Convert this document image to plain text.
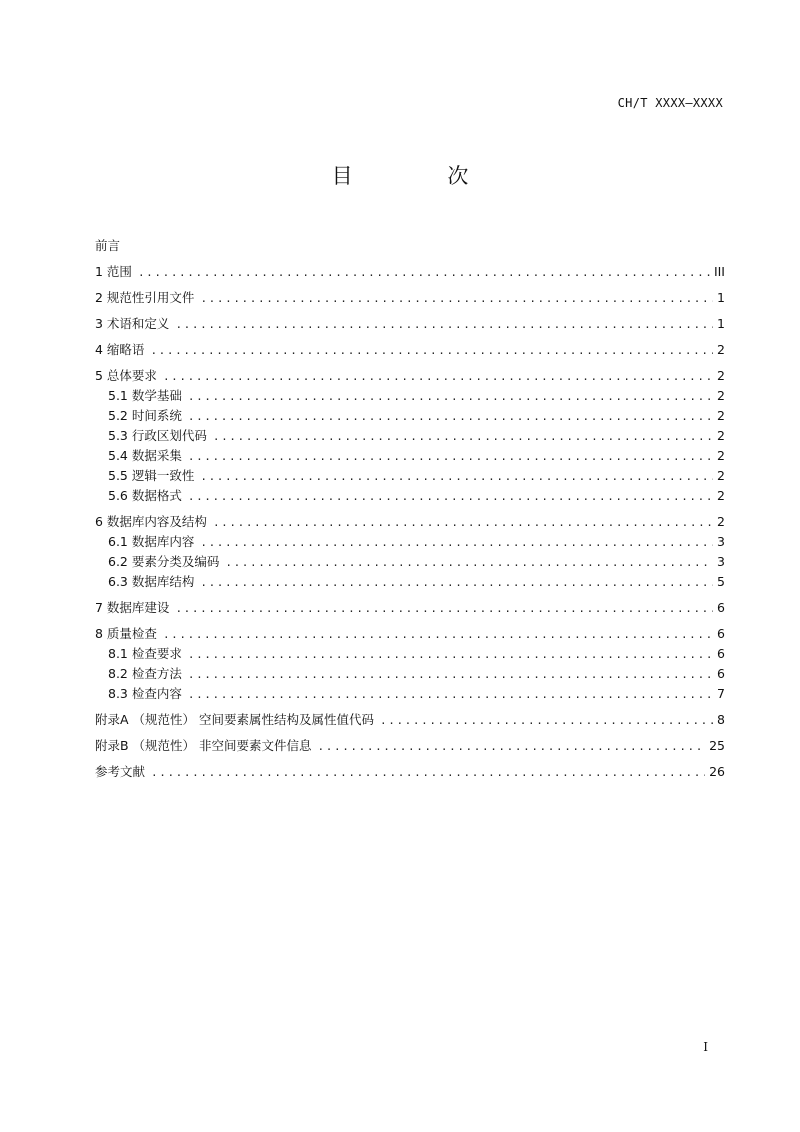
CH/T XXXX—XXXX
目 次
前言
1 范围 .....	III
2 规范性引用文件 .....	1
3 术语和定义 .....	1
4 缩略语 .....	2
5 总体要求 .....	2
5.1 数学基础 .....	2
5.2 时间系统 .....	2
5.3 行政区划代码 .....	2
5.4 数据采集 .....	2
5.5 逻辑一致性 .....	2
5.6 数据格式 .....	2
6 数据库内容及结构 .....	2
6.1 数据库内容 .....	3
6.2 要素分类及编码 .....	3
6.3 数据库结构 .....	5
7 数据库建设 .....	6
8 质量检查 .....	6
8.1 检查要求 .....	6
8.2 检查方法 .....	6
8.3 检查内容 .....	7
附录A （规范性） 空间要素属性结构及属性值代码 .....	8
附录B （规范性） 非空间要素文件信息 .....	25
参考文献 .....	26
I
